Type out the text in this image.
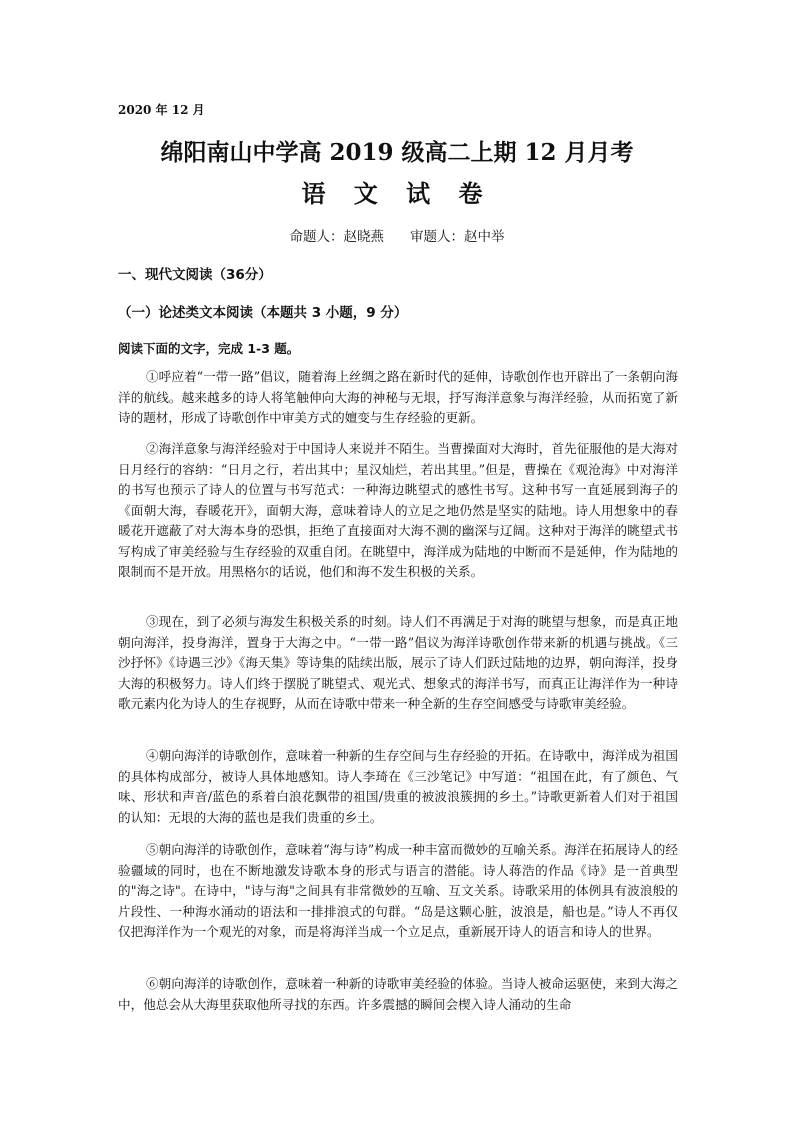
2020 年 12 月
绵阳南山中学高 2019 级高二上期 12 月月考
语 文 试 卷
命题人：赵晓燕 审题人：赵中举
一、现代文阅读（36分）
（一）论述类文本阅读（本题共 3 小题，9 分）
阅读下面的文字，完成 1-3 题。
①呼应着“一带一路”倡议，随着海上丝绸之路在新时代的延伸，诗歌创作也开辟出了一条朝向海洋的航线。越来越多的诗人将笔触伸向大海的神秘与无垠，抒写海洋意象与海洋经验，从而拓宽了新诗的题材，形成了诗歌创作中审美方式的嬗变与生存经验的更新。
②海洋意象与海洋经验对于中国诗人来说并不陌生。当曹操面对大海时，首先征服他的是大海对日月经行的容纳：“日月之行，若出其中；星汉灿烂，若出其里。”但是，曹操在《观沧海》中对海洋的书写也预示了诗人的位置与书写范式：一种海边眺望式的感性书写。这种书写一直延展到海子的《面朝大海，春暖花开》，面朝大海，意味着诗人的立足之地仍然是坚实的陆地。诗人用想象中的春暖花开遮蔽了对大海本身的恐惧，拒绝了直接面对大海不测的幽深与辽阔。这种对于海洋的眺望式书写构成了审美经验与生存经验的双重自闭。在眺望中，海洋成为陆地的中断而不是延伸，作为陆地的限制而不是开放。用黑格尔的话说，他们和海不发生积极的关系。
③现在，到了必须与海发生积极关系的时刻。诗人们不再满足于对海的眺望与想象，而是真正地朝向海洋，投身海洋，置身于大海之中。“一带一路”倡议为海洋诗歌创作带来新的机遇与挑战。《三沙抒怀》《诗遇三沙》《海天集》等诗集的陆续出版，展示了诗人们跃过陆地的边界，朝向海洋，投身大海的积极努力。诗人们终于摆脱了眺望式、观光式、想象式的海洋书写，而真正让海洋作为一种诗歌元素内化为诗人的生存视野，从而在诗歌中带来一种全新的生存空间感受与诗歌审美经验。
④朝向海洋的诗歌创作，意味着一种新的生存空间与生存经验的开拓。在诗歌中，海洋成为祖国的具体构成部分，被诗人具体地感知。诗人李琦在《三沙笔记》中写道：“祖国在此，有了颜色、气味、形状和声音/蓝色的系着白浪花飘带的祖国/贵重的被波浪簇拥的乡土。”诗歌更新着人们对于祖国的认知：无垠的大海的蓝也是我们贵重的乡土。
⑤朝向海洋的诗歌创作，意味着“海与诗”构成一种丰富而微妙的互喻关系。海洋在拓展诗人的经验疆域的同时，也在不断地激发诗歌本身的形式与语言的潜能。诗人蒋浩的作品《诗》是一首典型的"海之诗"。在诗中，"诗与海"之间具有非常微妙的互喻、互文关系。诗歌采用的体例具有波浪般的片段性、一种海水涌动的语法和一排排浪式的句群。“岛是这颗心脏，波浪是，船也是。”诗人不再仅仅把海洋作为一个观光的对象，而是将海洋当成一个立足点，重新展开诗人的语言和诗人的世界。
⑥朝向海洋的诗歌创作，意味着一种新的诗歌审美经验的体验。当诗人被命运驱使，来到大海之中，他总会从大海里获取他所寻找的东西。许多震撼的瞬间会楔入诗人涌动的生命
